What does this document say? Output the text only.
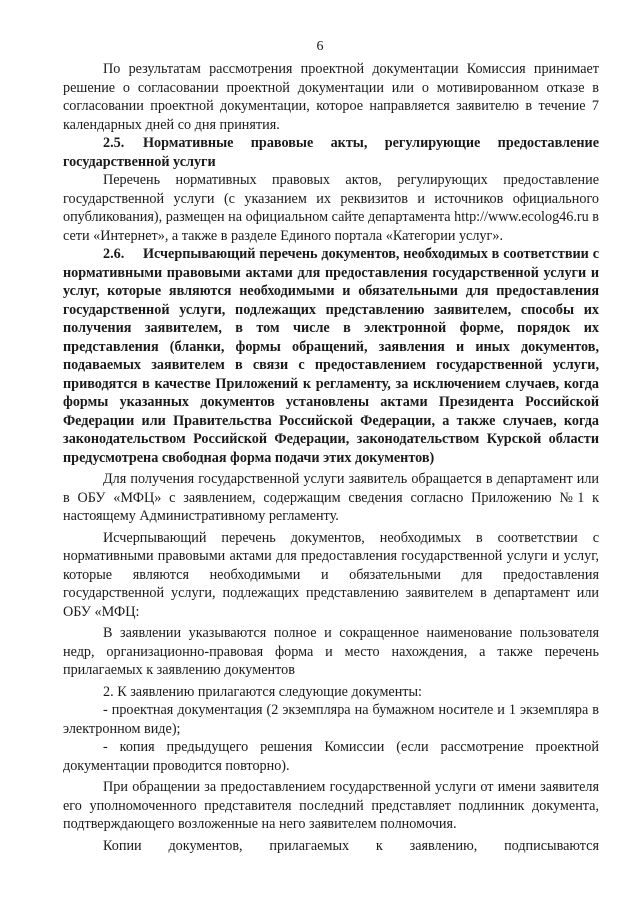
6

По результатам рассмотрения проектной документации Комиссия принимает решение о согласовании проектной документации или о мотивированном отказе в согласовании проектной документации, которое направляется заявителю в течение 7 календарных дней со дня принятия.

2.5. Нормативные правовые акты, регулирующие предоставление государственной услуги

Перечень нормативных правовых актов, регулирующих предоставление государственной услуги (с указанием их реквизитов и источников официального опубликования), размещен на официальном сайте департамента http://www.ecolog46.ru в сети «Интернет», а также в разделе Единого портала «Категории услуг».

2.6. Исчерпывающий перечень документов, необходимых в соответствии с нормативными правовыми актами для предоставления государственной услуги и услуг, которые являются необходимыми и обязательными для предоставления государственной услуги, подлежащих представлению заявителем, способы их получения заявителем, в том числе в электронной форме, порядок их представления (бланки, формы обращений, заявления и иных документов, подаваемых заявителем в связи с предоставлением государственной услуги, приводятся в качестве Приложений к регламенту, за исключением случаев, когда формы указанных документов установлены актами Президента Российской Федерации или Правительства Российской Федерации, а также случаев, когда законодательством Российской Федерации, законодательством Курской области предусмотрена свободная форма подачи этих документов)

Для получения государственной услуги заявитель обращается в департамент или в ОБУ «МФЦ» с заявлением, содержащим сведения согласно Приложению №1 к настоящему Административному регламенту.

Исчерпывающий перечень документов, необходимых в соответствии с нормативными правовыми актами для предоставления государственной услуги и услуг, которые являются необходимыми и обязательными для предоставления государственной услуги, подлежащих представлению заявителем в департамент или ОБУ «МФЦ:

В заявлении указываются полное и сокращенное наименование пользователя недр, организационно-правовая форма и место нахождения, а также перечень прилагаемых к заявлению документов

2. К заявлению прилагаются следующие документы:

- проектная документация (2 экземпляра на бумажном носителе и 1 экземпляра в электронном виде);

- копия предыдущего решения Комиссии (если рассмотрение проектной документации проводится повторно).

При обращении за предоставлением государственной услуги от имени заявителя его уполномоченного представителя последний представляет подлинник документа, подтверждающего возложенные на него заявителем полномочия.

Копии документов, прилагаемых к заявлению, подписываются
